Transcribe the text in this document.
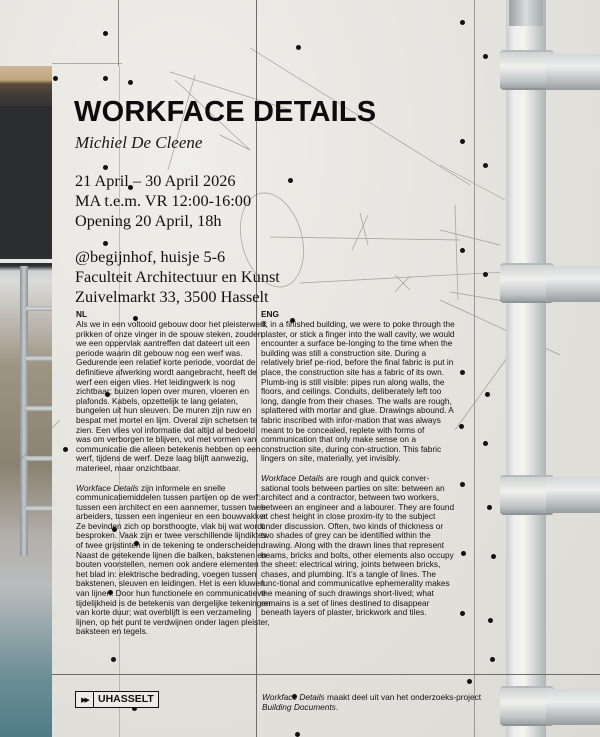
WORKFACE DETAILS
Michiel De Cleene
21 April – 30 April 2026
MA t.e.m. VR 12:00-16:00
Opening 20 April, 18h
@begijnhof, huisje 5-6
Faculteit Architectuur en Kunst
Zuivelmarkt 33, 3500 Hasselt
NL

Als we in een voltooid gebouw door het pleisterwerk prikken of onze vinger in de spouw steken, zouden we een oppervlak aantreffen dat dateert uit een periode waarin dit gebouw nog een werf was. Gedurende een relatief korte periode, voordat de definitieve afwerking wordt aangebracht, heeft de werf een eigen vlies. Het leidingwerk is nog zichtbaar; buizen lopen over muren, vloeren en plafonds. Kabels, opzettelijk te lang gelaten, bungelen uit hun sleuven. De muren zijn ruw en bespat met mortel en lijm. Overal zijn schetsen te zien. Een vlies vol informatie dat altijd al bedoeld was om verborgen te blijven, vol met vormen van communicatie die alleen betekenis hebben op een werf, tijdens de werf. Deze laag blijft aanwezig, materieel, maar onzichtbaar.

Workface Details zijn informele en snelle communicatiemiddelen tussen partijen op de werf: tussen een architect en een aannemer, tussen twee arbeiders, tussen een ingenieur en een bouwvakker. Ze bevinden zich op borsthoogte, vlak bij wat wordt besproken. Vaak zijn er twee verschillende lijndiktes of twee grijstinten in de tekening te onderscheiden. Naast de getekende lijnen die balken, bakstenen en bouten voorstellen, nemen ook andere elementen het blad in: elektrische bedrading, voegen tussen bakstenen, sleuven en leidingen. Het is een kluwen van lijnen. Door hun functionele en communicatieve tijdelijkheid is de betekenis van dergelijke tekeningen van korte duur; wat overblijft is een verzameling lijnen, op het punt te verdwijnen onder lagen pleister, baksteen en tegels.

ENG

If, in a finished building, we were to poke through the plaster, or stick a finger into the wall cavity, we would encounter a surface be-longing to the time when the building was still a construction site. During a relatively brief pe-riod, before the final fabric is put in place, the construction site has a fabric of its own. Plumb-ing is still visible: pipes run along walls, the floors, and ceilings. Conduits, deliberately left too long, dangle from their chases. The walls are rough, splattered with mortar and glue. Drawings abound. A fabric inscribed with infor-mation that was always meant to be concealed, replete with forms of communication that only make sense on a construction site, during con-struction. This fabric lingers on site, materially, yet invisibly.

Workface Details are rough and quick conver-sational tools between parties on site: between an architect and a contractor, between two workers, between an engineer and a labourer. They are found at chest height in close proxim-ity to the subject under discussion. Often, two kinds of thickness or two shades of grey can be identified within the drawing. Along with the drawn lines that represent beams, bricks and bolts, other elements also occupy the sheet: electrical wiring, joints between bricks, chases, and plumbing. It’s a tangle of lines. The func-tional and communicative ephemerality makes the meaning of such drawings short-lived; what remains is a set of lines destined to disappear beneath layers of plaster, brickwork and tiles.

▶▶ UHASSELT	Workface Details maakt deel uit van het onderzoeks-project Building Documents.
